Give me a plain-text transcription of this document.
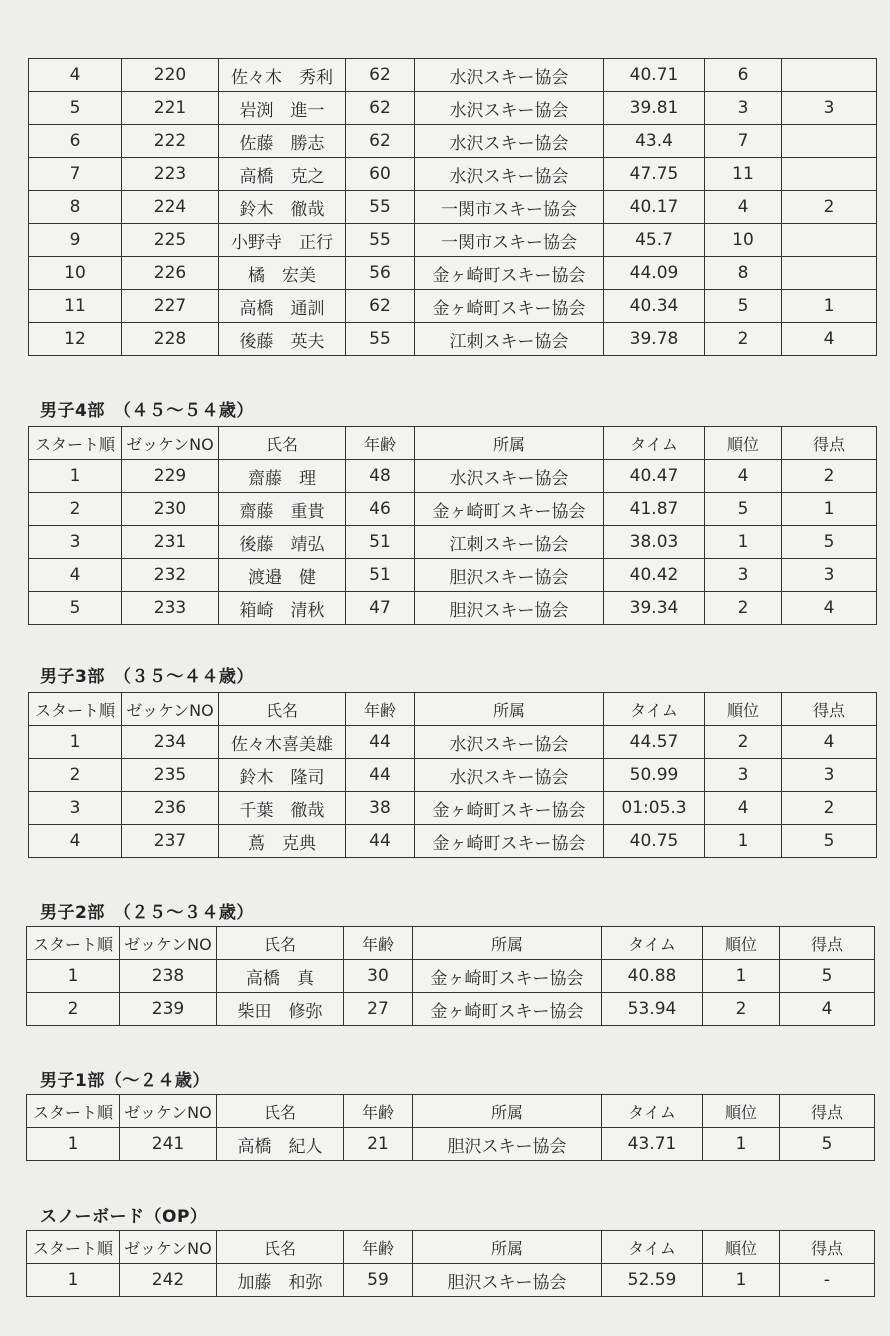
4	220	佐々木　秀利	62	水沢スキー協会	40.71	6	
5	221	岩渕　進一	62	水沢スキー協会	39.81	3	3
6	222	佐藤　勝志	62	水沢スキー協会	43.4	7	
7	223	高橋　克之	60	水沢スキー協会	47.75	11	
8	224	鈴木　徹哉	55	一関市スキー協会	40.17	4	2
9	225	小野寺　正行	55	一関市スキー協会	45.7	10	
10	226	橘　宏美	56	金ヶ崎町スキー協会	44.09	8	
11	227	高橋　通訓	62	金ヶ崎町スキー協会	40.34	5	1
12	228	後藤　英夫	55	江刺スキー協会	39.78	2	4
男子4部　（４５～５４歳）
スタート順	ゼッケンNO	氏名	年齢	所属	タイム	順位	得点
1	229	齋藤　理	48	水沢スキー協会	40.47	4	2
2	230	齋藤　重貴	46	金ヶ崎町スキー協会	41.87	5	1
3	231	後藤　靖弘	51	江刺スキー協会	38.03	1	5
4	232	渡邉　健	51	胆沢スキー協会	40.42	3	3
5	233	箱崎　清秋	47	胆沢スキー協会	39.34	2	4
男子3部　（３５～４４歳）
スタート順	ゼッケンNO	氏名	年齢	所属	タイム	順位	得点
1	234	佐々木喜美雄	44	水沢スキー協会	44.57	2	4
2	235	鈴木　隆司	44	水沢スキー協会	50.99	3	3
3	236	千葉　徹哉	38	金ヶ崎町スキー協会	01:05.3	4	2
4	237	蔦　克典	44	金ヶ崎町スキー協会	40.75	1	5
男子2部　（２５～３４歳）
スタート順	ゼッケンNO	氏名	年齢	所属	タイム	順位	得点
1	238	高橋　真	30	金ヶ崎町スキー協会	40.88	1	5
2	239	柴田　修弥	27	金ヶ崎町スキー協会	53.94	2	4
男子1部（～２４歳）
スタート順	ゼッケンNO	氏名	年齢	所属	タイム	順位	得点
1	241	高橋　紀人	21	胆沢スキー協会	43.71	1	5
スノーボード（OP）
スタート順	ゼッケンNO	氏名	年齢	所属	タイム	順位	得点
1	242	加藤　和弥	59	胆沢スキー協会	52.59	1	-
